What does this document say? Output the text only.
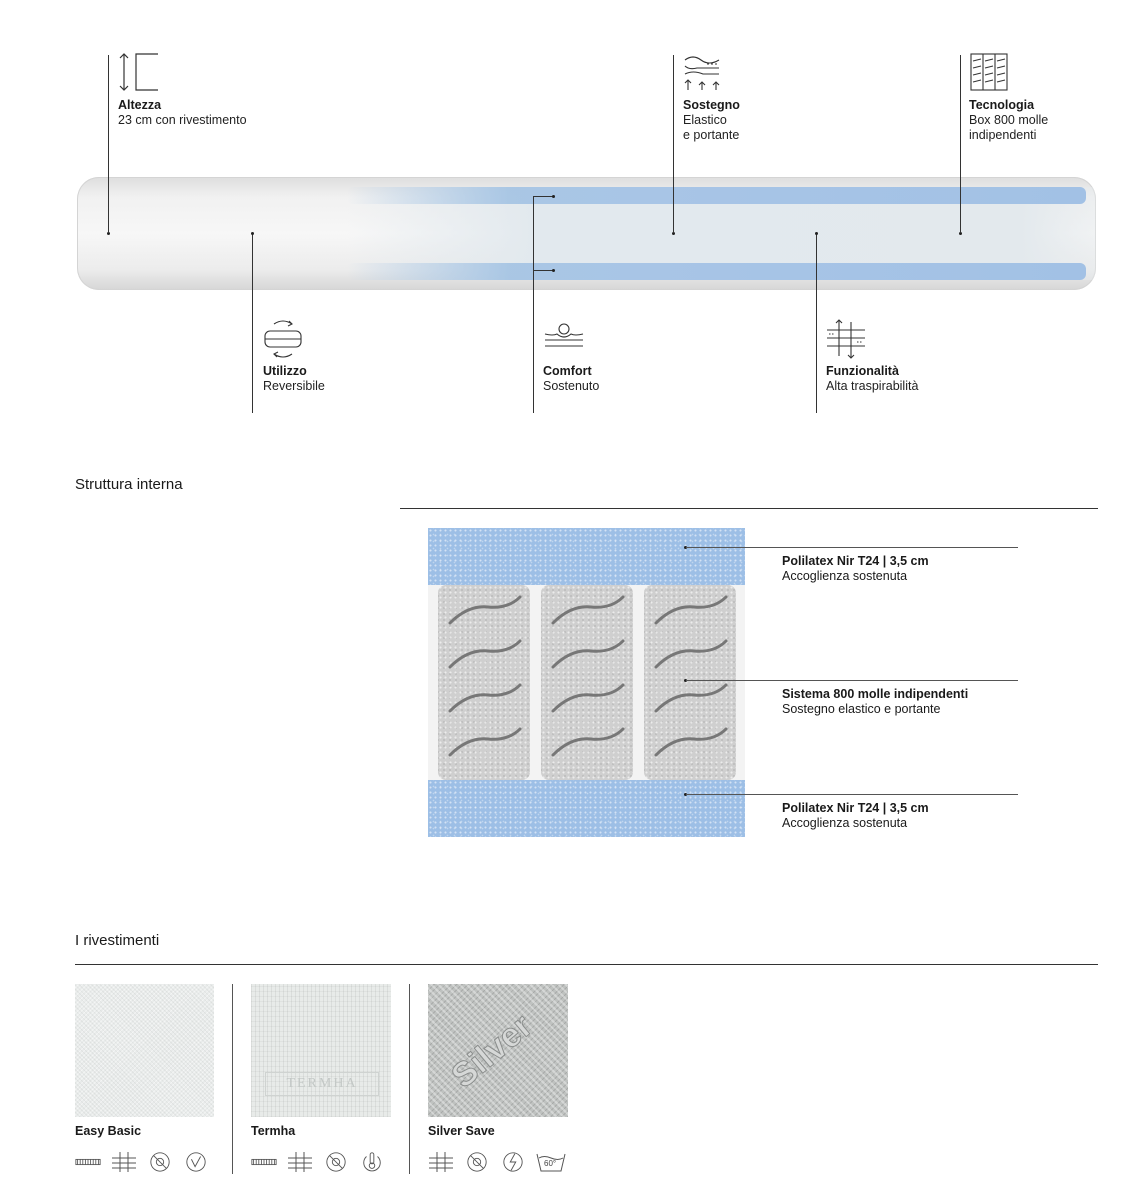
Altezza
23 cm con rivestimento
Sostegno
Elastico
e portante
Tecnologia
Box 800 molle
indipendenti
Utilizzo
Reversibile
Comfort
Sostenuto
Funzionalità
Alta traspirabilità
Struttura interna
Polilatex Nir T24 | 3,5 cm
Accoglienza sostenuta
Sistema 800 molle indipendenti
Sostegno elastico e portante
Polilatex Nir T24 | 3,5 cm
Accoglienza sostenuta
I rivestimenti
Easy Basic
TERMHA
Termha
Silver
Silver Save
60°
